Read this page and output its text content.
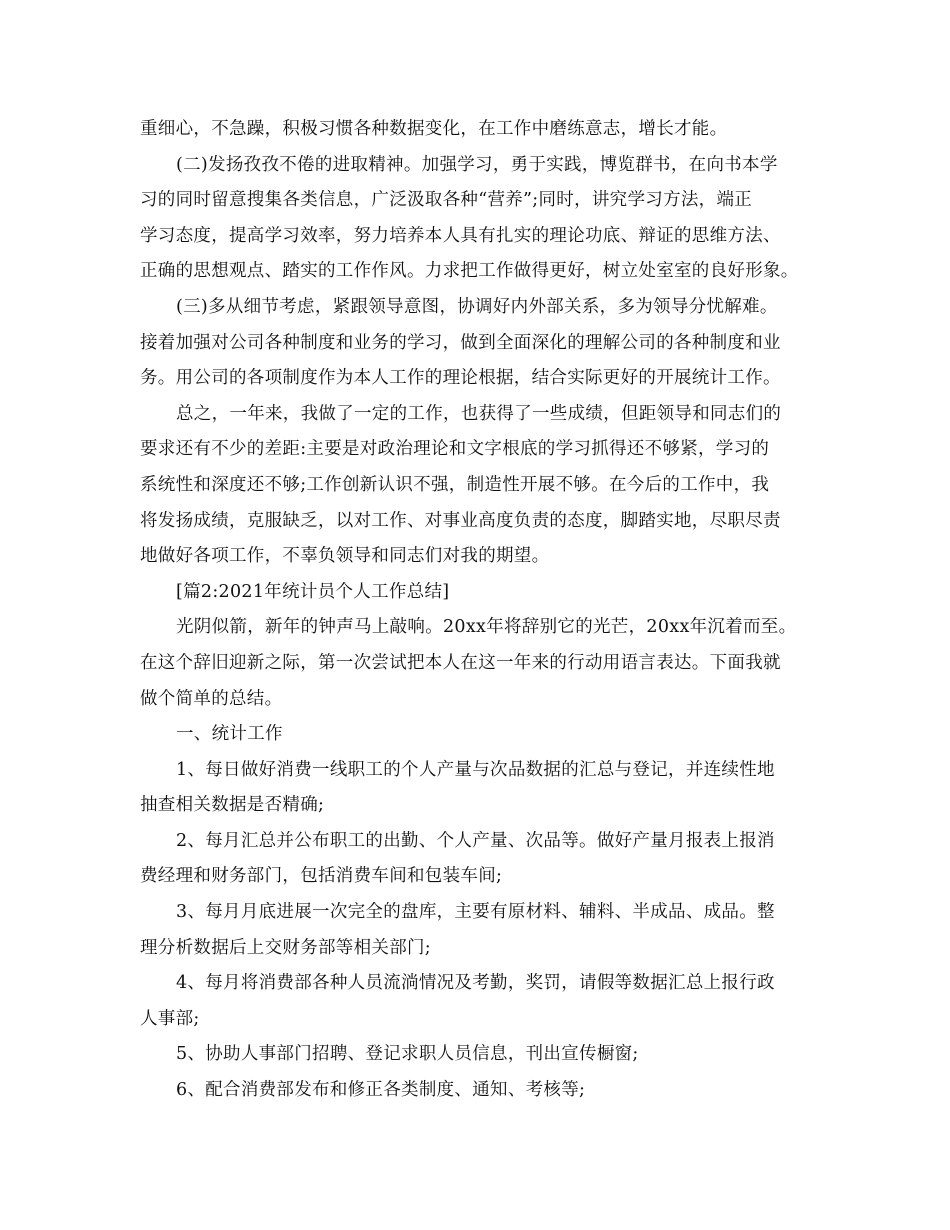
重细心，不急躁，积极习惯各种数据变化，在工作中磨练意志，增长才能。
(二)发扬孜孜不倦的进取精神。加强学习，勇于实践，博览群书，在向书本学
习的同时留意搜集各类信息，广泛汲取各种“营养”;同时，讲究学习方法，端正
学习态度，提高学习效率，努力培养本人具有扎实的理论功底、辩证的思维方法、
正确的思想观点、踏实的工作作风。力求把工作做得更好，树立处室室的良好形象。
(三)多从细节考虑，紧跟领导意图，协调好内外部关系，多为领导分忧解难。
接着加强对公司各种制度和业务的学习，做到全面深化的理解公司的各种制度和业
务。用公司的各项制度作为本人工作的理论根据，结合实际更好的开展统计工作。
总之，一年来，我做了一定的工作，也获得了一些成绩，但距领导和同志们的
要求还有不少的差距:主要是对政治理论和文字根底的学习抓得还不够紧，学习的
系统性和深度还不够;工作创新认识不强，制造性开展不够。在今后的工作中，我
将发扬成绩，克服缺乏，以对工作、对事业高度负责的态度，脚踏实地，尽职尽责
地做好各项工作，不辜负领导和同志们对我的期望。
[篇2:2021年统计员个人工作总结]
光阴似箭，新年的钟声马上敲响。20xx年将辞别它的光芒，20xx年沉着而至。
在这个辞旧迎新之际，第一次尝试把本人在这一年来的行动用语言表达。下面我就
做个简单的总结。
一、统计工作
1、每日做好消费一线职工的个人产量与次品数据的汇总与登记，并连续性地
抽查相关数据是否精确;
2、每月汇总并公布职工的出勤、个人产量、次品等。做好产量月报表上报消
费经理和财务部门，包括消费车间和包装车间;
3、每月月底进展一次完全的盘库，主要有原材料、辅料、半成品、成品。整
理分析数据后上交财务部等相关部门;
4、每月将消费部各种人员流淌情况及考勤，奖罚，请假等数据汇总上报行政
人事部;
5、协助人事部门招聘、登记求职人员信息，刊出宣传橱窗;
6、配合消费部发布和修正各类制度、通知、考核等;
